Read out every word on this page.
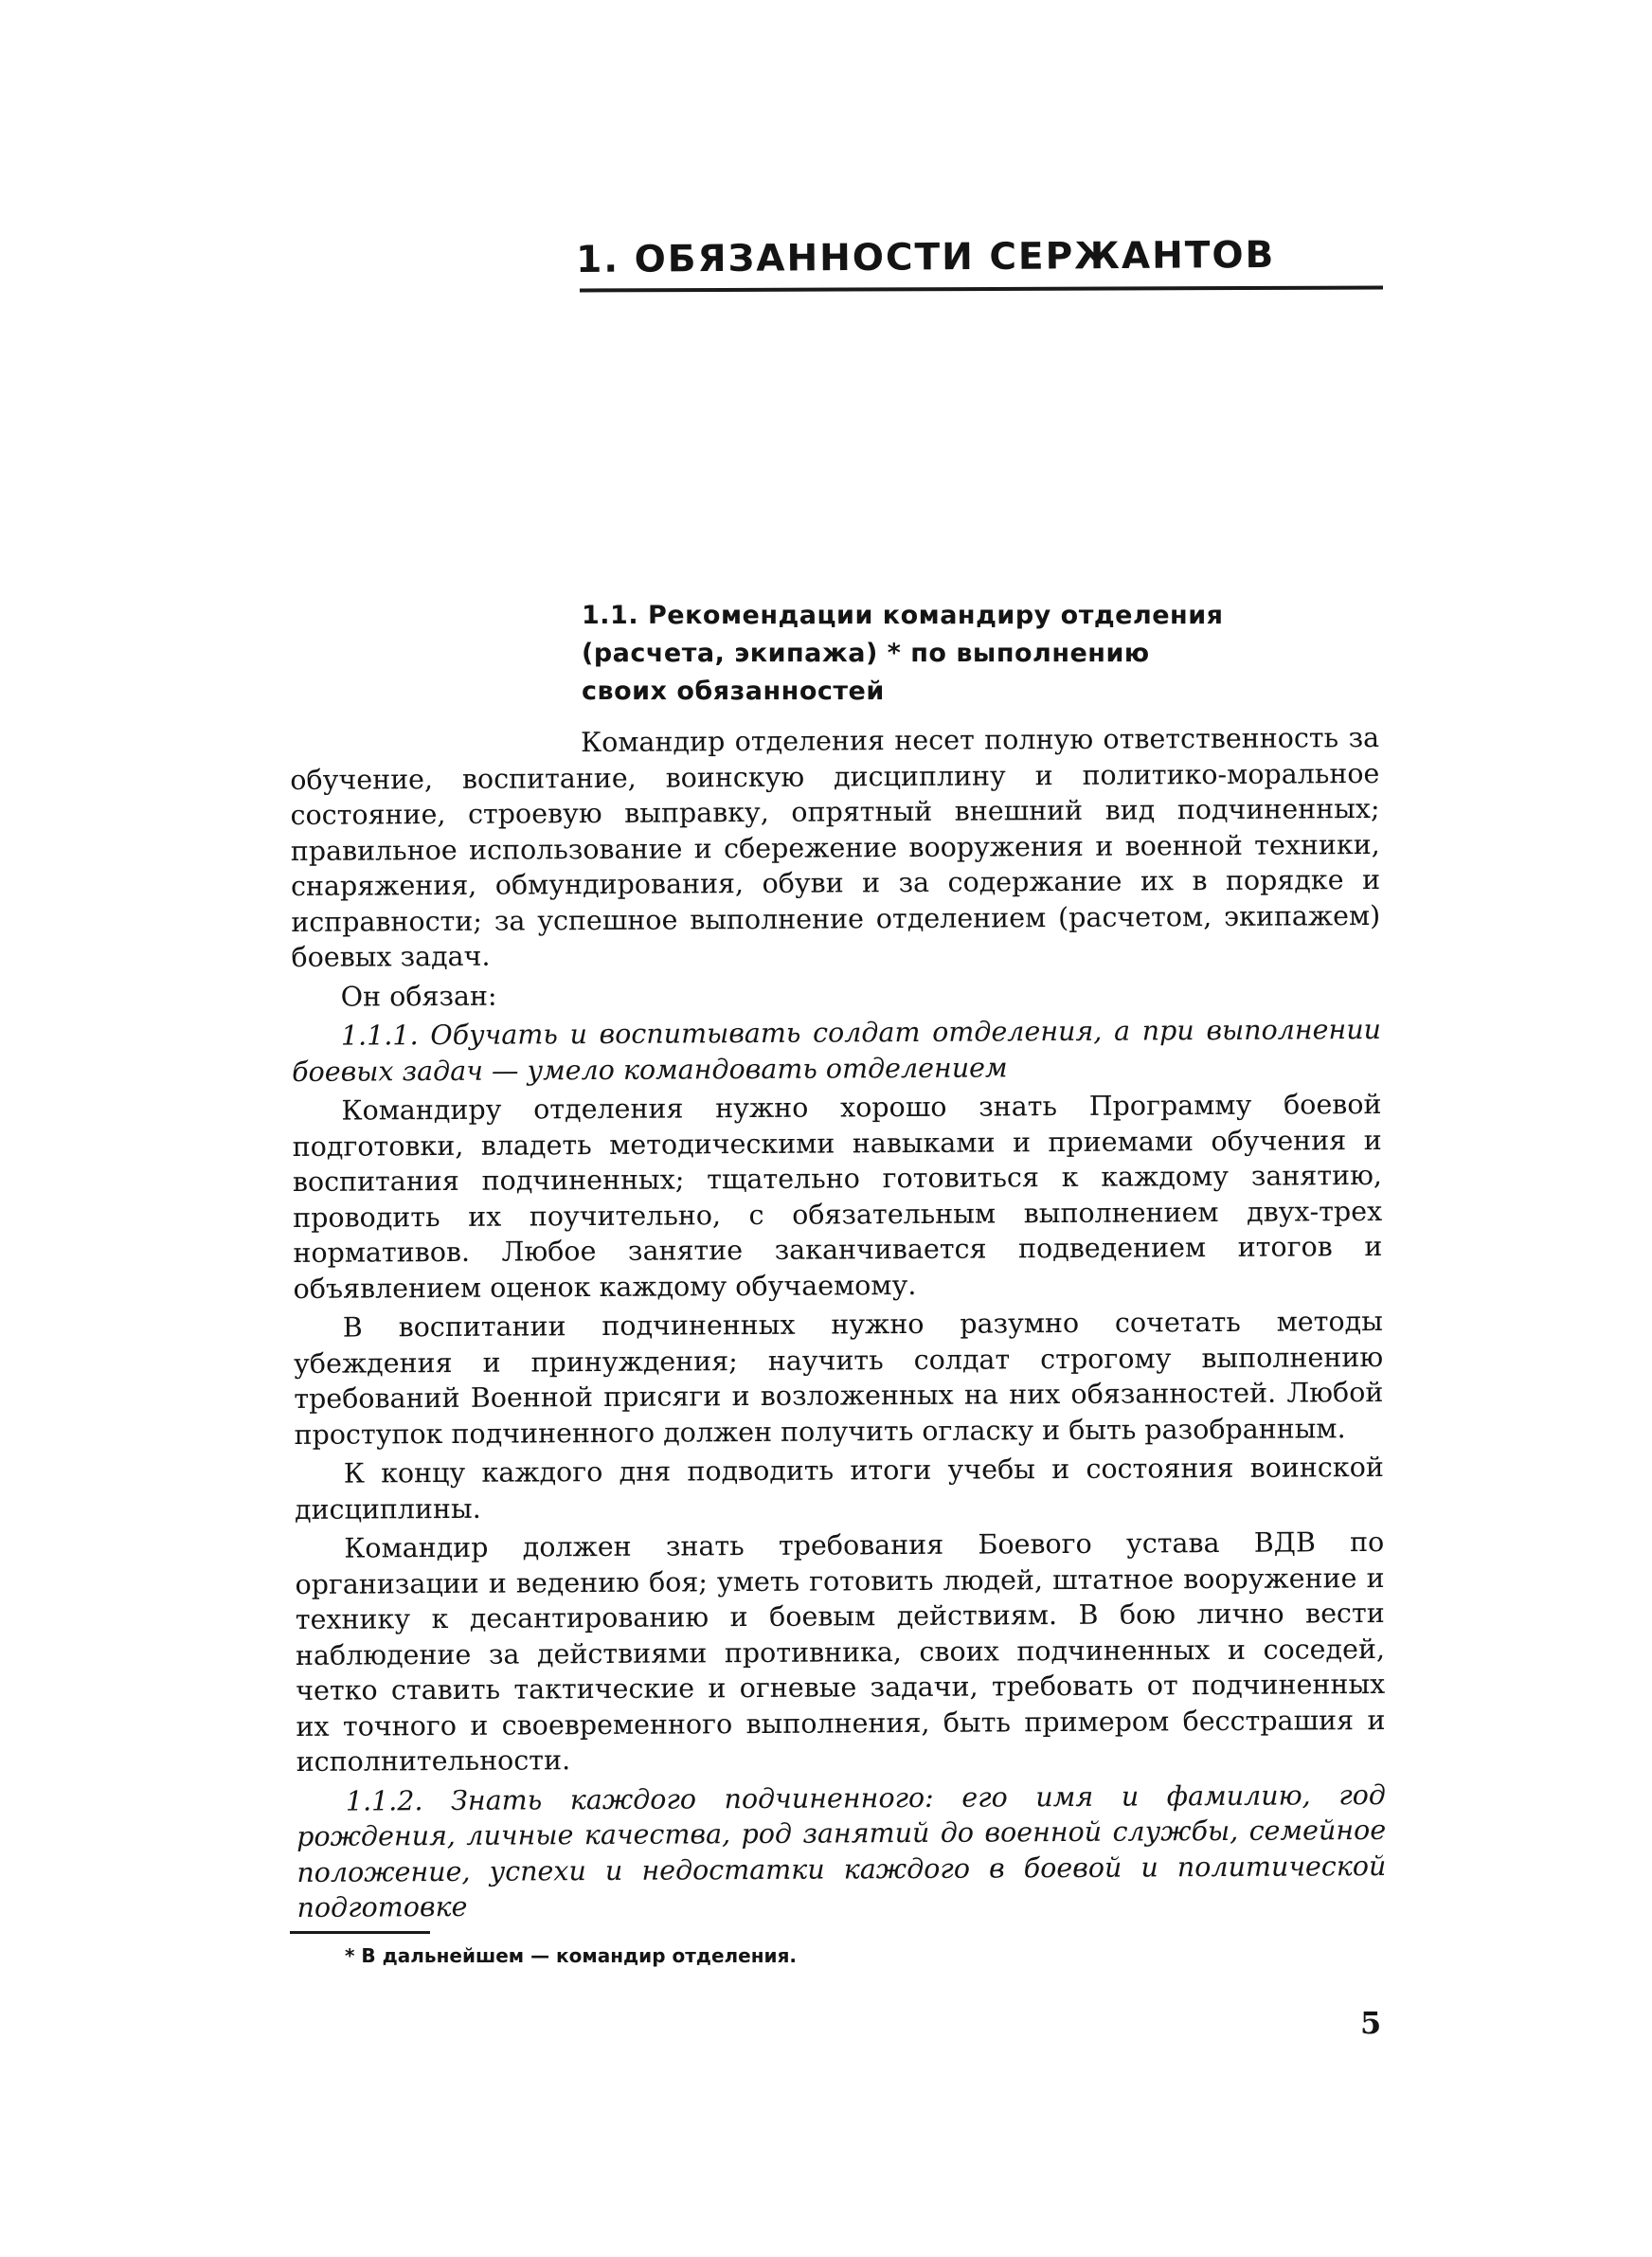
1. ОБЯЗАННОСТИ СЕРЖАНТОВ
1.1. Рекомендации командиру отделения
(расчета, экипажа) * по выполнению
своих обязанностей

Командир отделения несет полную ответственность за обучение, воспитание, воинскую дисциплину и политико-моральное состояние, строевую выправку, опрятный внешний вид подчиненных; правильное использование и сбережение вооружения и военной техники, снаряжения, обмундирования, обуви и за содержание их в порядке и исправности; за успешное выполнение отделением (расчетом, экипажем) боевых задач.

Он обязан:

1.1.1. Обучать и воспитывать солдат отделения, а при выполнении боевых задач — умело командовать отделением

Командиру отделения нужно хорошо знать Программу боевой подготовки, владеть методическими навыками и приемами обучения и воспитания подчиненных; тщательно готовиться к каждому занятию, проводить их поучительно, с обязательным выполнением двух-трех нормативов. Любое занятие заканчивается подведением итогов и объявлением оценок каждому обучаемому.

В воспитании подчиненных нужно разумно сочетать методы убеждения и принуждения; научить солдат строгому выполнению требований Военной присяги и возложенных на них обязанностей. Любой проступок подчиненного должен получить огласку и быть разобранным.

К концу каждого дня подводить итоги учебы и состояния воинской дисциплины.

Командир должен знать требования Боевого устава ВДВ по организации и ведению боя; уметь готовить людей, штатное вооружение и технику к десантированию и боевым действиям. В бою лично вести наблюдение за действиями противника, своих подчиненных и соседей, четко ставить тактические и огневые задачи, требовать от подчиненных их точного и своевременного выполнения, быть примером бесстрашия и исполнительности.

1.1.2. Знать каждого подчиненного: его имя и фамилию, год рождения, личные качества, род занятий до военной службы, семейное положение, успехи и недостатки каждого в боевой и политической подготовке

* В дальнейшем — командир отделения.

5
